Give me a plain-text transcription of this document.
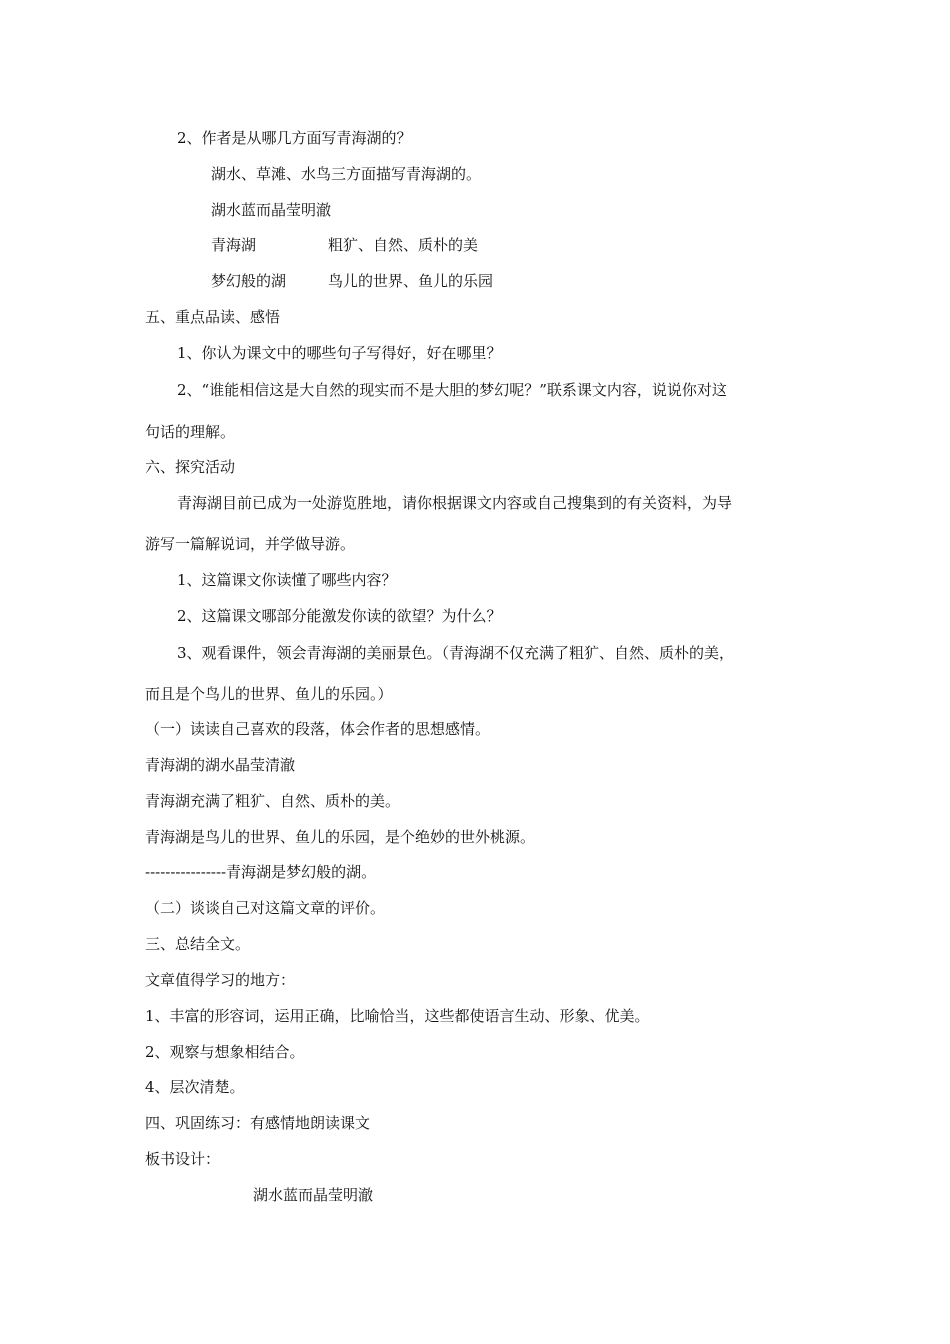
2、作者是从哪几方面写青海湖的？
湖水、草滩、水鸟三方面描写青海湖的。
湖水蓝而晶莹明澈
青海湖	粗犷、自然、质朴的美
梦幻般的湖	鸟儿的世界、鱼儿的乐园
五、重点品读、感悟
1、你认为课文中的哪些句子写得好，好在哪里？
2、“谁能相信这是大自然的现实而不是大胆的梦幻呢？”联系课文内容，说说你对这
句话的理解。
六、探究活动
青海湖目前已成为一处游览胜地，请你根据课文内容或自己搜集到的有关资料，为导
游写一篇解说词，并学做导游。
1、这篇课文你读懂了哪些内容？
2、这篇课文哪部分能激发你读的欲望？为什么？
3、观看课件，领会青海湖的美丽景色。（青海湖不仅充满了粗犷、自然、质朴的美，
而且是个鸟儿的世界、鱼儿的乐园。）
（一）读读自己喜欢的段落，体会作者的思想感情。
青海湖的湖水晶莹清澈
青海湖充满了粗犷、自然、质朴的美。
青海湖是鸟儿的世界、鱼儿的乐园，是个绝妙的世外桃源。
----------------青海湖是梦幻般的湖。
（二）谈谈自己对这篇文章的评价。
三、总结全文。
文章值得学习的地方：
1、丰富的形容词，运用正确，比喻恰当，这些都使语言生动、形象、优美。
2、观察与想象相结合。
4、层次清楚。
四、巩固练习：有感情地朗读课文
板书设计：
湖水蓝而晶莹明澈
